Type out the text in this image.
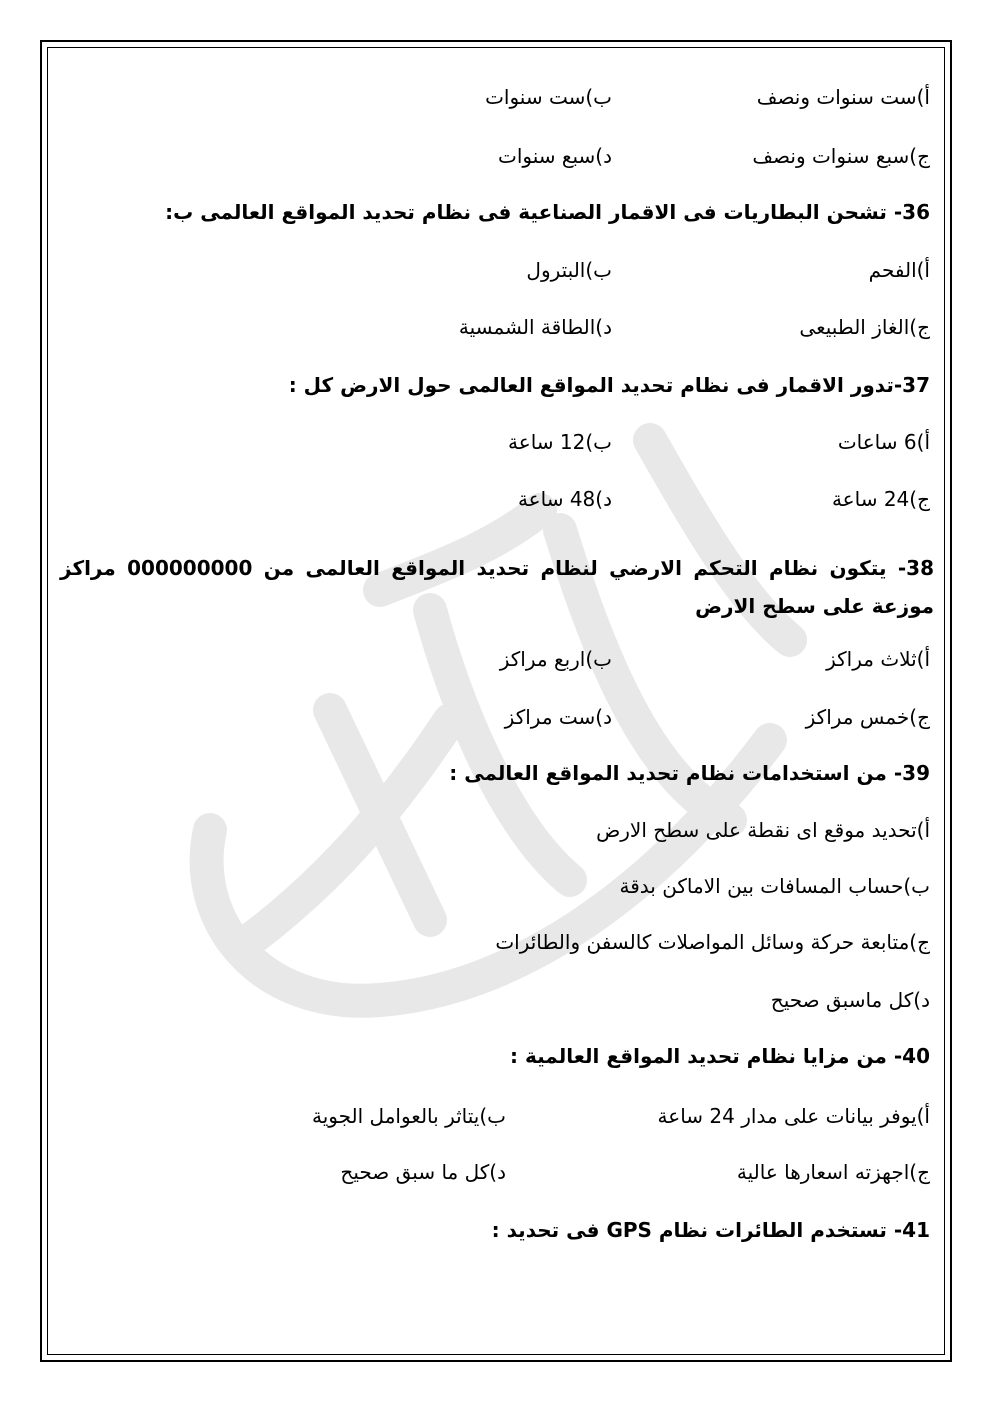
أ)ست سنوات ونصف
ب)ست سنوات
ج)سبع سنوات ونصف
د)سبع سنوات
36- تشحن البطاريات فى الاقمار الصناعية فى نظام تحديد المواقع العالمى ب:
أ)الفحم
ب)البترول
ج)الغاز الطبيعى
د)الطاقة الشمسية
37-تدور الاقمار فى نظام تحديد المواقع العالمى حول الارض كل :
أ)6 ساعات
ب)12 ساعة
ج)24 ساعة
د)48 ساعة
38- يتكون نظام التحكم الارضي لنظام تحديد المواقع العالمى من 000000000 مراكز موزعة على سطح الارض
أ)ثلاث مراكز
ب)اربع مراكز
ج)خمس مراكز
د)ست مراكز
39- من استخدامات نظام تحديد المواقع العالمى :
أ)تحديد موقع اى نقطة على سطح الارض
ب)حساب المسافات بين الاماكن بدقة
ج)متابعة حركة وسائل المواصلات كالسفن والطائرات
د)كل ماسبق صحيح
40- من مزايا نظام تحديد المواقع العالمية :
أ)يوفر بيانات على مدار 24 ساعة
ب)يتاثر بالعوامل الجوية
ج)اجهزته اسعارها عالية
د)كل ما سبق صحيح
41- تستخدم الطائرات نظام GPS فى تحديد :
